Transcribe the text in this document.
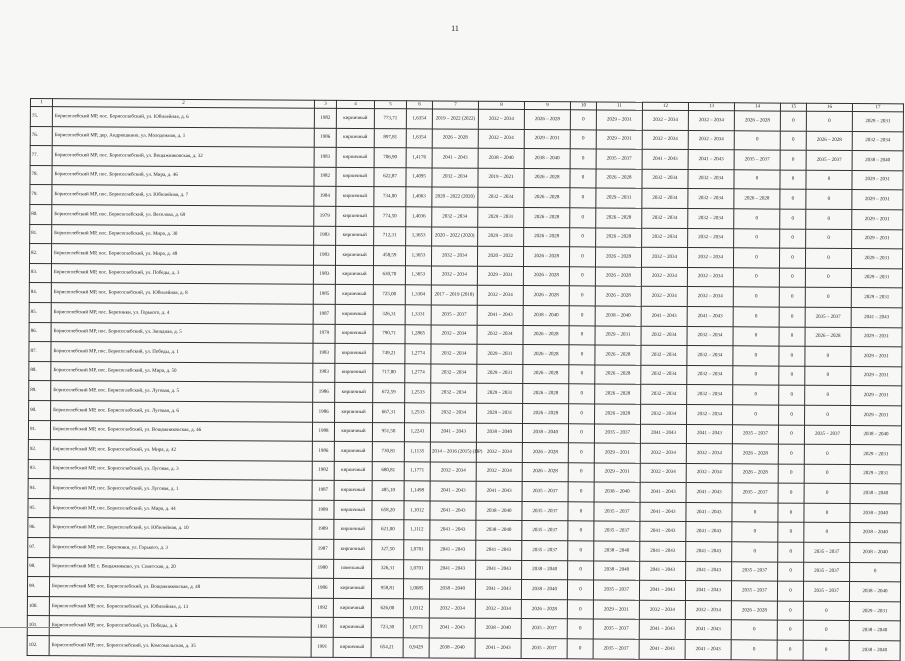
11
1	2	3	4	5	6	7	8	9	10	11	12	13	14	15	16	17
75.	Борисоглебский МР, пос. Борисоглебский, ул. Юбилейная, д. 6	1982	кирпичный	773,71	1,6354	2019 – 2022 (2022)	2032 – 2034	2026 – 2028	0	2029 – 2031	2032 – 2034	2032 – 2034	2026 – 2028	0	0	2029 – 2031
76.	Борисоглебский МР, дер. Андрюшкино, ул. Молодежная, д. 1	1986	кирпичный	897,81	1,6354	2026 – 2028	2032 – 2034	2029 – 2031	0	2029 – 2031	2032 – 2034	2032 – 2034	0	0	2026 – 2028	2032 – 2034
77.	Борисоглебский МР, пос. Борисоглебский, ул. Вощажниковская, д. 32	1983	кирпичный	706,90	1,4176	2041 – 2043	2038 – 2040	2038 – 2040	0	2035 – 2037	2041 – 2043	2041 – 2043	2035 – 2037	0	2035 – 2037	2038 – 2040
78.	Борисоглебский МР, пос. Борисоглебский, ул. Мира, д. 46	1982	кирпичный	622,87	1,4095	2032 – 2034	2019 – 2021	2026 – 2028	0	2026 – 2028	2032 – 2034	2032 – 2034	0	0	0	2029 – 2031
79.	Борисоглебский МР, пос. Борисоглебский, ул. Юбилейная, д. 7	1984	кирпичный	734,00	1,4063	2020 – 2022 (2020)	2032 – 2034	2026 – 2028	0	2029 – 2031	2032 – 2034	2032 – 2034	2026 – 2028	0	0	2029 – 2031
80.	Борисоглебский МР, пос. Борисоглебский, ул. Веселова, д. 69	1979	кирпичный	774,50	1,4036	2032 – 2034	2029 – 2031	2026 – 2028	0	2026 – 2028	2032 – 2034	2032 – 2034	0	0	0	2029 – 2031
81.	Борисоглебский МР, пос. Борисоглебский, ул. Мира, д. 30	1983	кирпичный	712,31	1,3653	2020 – 2022 (2020)	2029 – 2031	2026 – 2028	0	2026 – 2028	2032 – 2034	2032 – 2034	0	0	0	2029 – 2031
82.	Борисоглебский МР, пос. Борисоглебский, ул. Мира, д. 48	1983	кирпичный	458,59	1,3653	2032 – 2034	2020 – 2022	2026 – 2028	0	2026 – 2028	2032 – 2034	2032 – 2034	0	0	0	2029 – 2031
83.	Борисоглебский МР, пос. Борисоглебский, ул. Победы, д. 3	1983	кирпичный	630,70	1,3653	2032 – 2034	2029 – 2031	2026 – 2028	0	2026 – 2028	2032 – 2034	2032 – 2034	0	0	0	2029 – 2031
84.	Борисоглебский МР, пос. Борисоглебский, ул. Юбилейная, д. 8	1985	кирпичный	725,00	1,3304	2017 – 2019 (2018)	2032 – 2034	2026 – 2028	0	2026 – 2028	2032 – 2034	2032 – 2034	0	0	0	2029 – 2031
85.	Борисоглебский МР, пос. Березники, ул. Горького, д. 4	1987	кирпичный	326,31	1,3331	2035 – 2037	2041 – 2043	2038 – 2040	0	2038 – 2040	2041 – 2043	2041 – 2043	0	0	2035 – 2037	2041 – 2043
86.	Борисоглебский МР, пос. Борисоглебский, ул. Западная, д. 5	1979	кирпичный	790,71	1,2865	2032 – 2034	2032 – 2034	2026 – 2028	0	2029 – 2031	2032 – 2034	2032 – 2034	0	0	2026 – 2028	2029 – 2031
87.	Борисоглебский МР, пос. Борисоглебский, ул. Победы, д. 1	1983	кирпичный	749,21	1,2774	2032 – 2034	2029 – 2031	2026 – 2028	0	2026 – 2028	2032 – 2034	2032 – 2034	0	0	0	2029 – 2031
88.	Борисоглебский МР, пос. Борисоглебский, ул. Мира, д. 50	1983	кирпичный	717,80	1,2774	2032 – 2034	2029 – 2031	2026 – 2028	0	2026 – 2028	2032 – 2034	2032 – 2034	0	0	0	2029 – 2031
89.	Борисоглебский МР, пос. Борисоглебский, ул. Луговая, д. 5	1986	кирпичный	672,59	1,2533	2032 – 2034	2029 – 2031	2026 – 2028	0	2026 – 2028	2032 – 2034	2032 – 2034	0	0	0	2029 – 2031
90.	Борисоглебский МР, пос. Борисоглебский, ул. Луговая, д. 6	1986	кирпичный	667,31	1,2533	2032 – 2034	2029 – 2031	2026 – 2028	0	2026 – 2028	2032 – 2034	2032 – 2034	0	0	0	2029 – 2031
91.	Борисоглебский МР, пос. Борисоглебский, ул. Вощажниковская, д. 46	1988	кирпичный	951,50	1,2241	2041 – 2043	2038 – 2040	2038 – 2040	0	2035 – 2037	2041 – 2043	2041 – 2043	2035 – 2037	0	2035 – 2037	2038 – 2040
92.	Борисоглебский МР, пос. Борисоглебский, ул. Мира, д. 42	1986	кирпичный	730,81	1,1135	2014 – 2016 (2015) (ПР)	2032 – 2034	2026 – 2028	0	2029 – 2031	2032 – 2034	2032 – 2034	2026 – 2028	0	0	2029 – 2031
93.	Борисоглебский МР, пос. Борисоглебский, ул. Луговая, д. 3	1982	кирпичный	680,81	1,1771	2032 – 2034	2032 – 2034	2026 – 2028	0	2029 – 2031	2032 – 2034	2032 – 2034	2026 – 2028	0	0	2029 – 2031
94.	Борисоглебский МР, пос. Борисоглебский, ул. Луговая, д. 1	1987	кирпичный	485,10	1,1498	2041 – 2043	2041 – 2043	2035 – 2037	0	2038 – 2040	2041 – 2043	2041 – 2043	2035 – 2037	0	0	2038 – 2040
95.	Борисоглебский МР, пос. Борисоглебский, ул. Мира, д. 44	1989	кирпичный	658,20	1,1012	2041 – 2043	2038 – 2040	2035 – 2037	0	2035 – 2037	2041 – 2043	2041 – 2043	0	0	0	2038 – 2040
96.	Борисоглебский МР, пос. Борисоглебский, ул. Юбилейная, д. 10	1989	кирпичный	621,00	1,1112	2041 – 2043	2038 – 2040	2035 – 2037	0	2035 – 2037	2041 – 2043	2041 – 2043	0	0	0	2038 – 2040
97.	Борисоглебский МР, пос. Березники, ул. Горького, д. 3	1987	кирпичный	327,50	1,0701	2041 – 2043	2041 – 2043	2035 – 2037	0	2038 – 2040	2041 – 2043	2041 – 2043	0	0	2035 – 2037	2038 – 2040
98.	Борисоглебский МР, с. Вощажниково, ул. Советская, д. 20	1980	панельный	326,31	1,0701	2041 – 2043	2041 – 2043	2038 – 2040	0	2038 – 2040	2041 – 2043	2041 – 2043	2035 – 2037	0	2035 – 2037	0
99.	Борисоглебский МР, пос. Борисоглебский, ул. Вощажниковская, д. 48	1986	кирпичный	958,81	1,0685	2038 – 2040	2041 – 2043	2038 – 2040	0	2035 – 2037	2041 – 2043	2041 – 2043	2035 – 2037	0	2035 – 2037	2038 – 2040
100.	Борисоглебский МР, пос. Борисоглебский, ул. Юбилейная, д. 13	1992	кирпичный	626,00	1,0312	2032 – 2034	2032 – 2034	2026 – 2028	0	2029 – 2031	2032 – 2034	2032 – 2034	2026 – 2028	0	0	2029 – 2031
101.	Борисоглебский МР, пос. Борисоглебский, ул. Победы, д. 6	1991	кирпичный	723,30	1,0171	2041 – 2043	2038 – 2040	2035 – 2037	0	2035 – 2037	2041 – 2043	2041 – 2043	0	0	0	2038 – 2040
102.	Борисоглебский МР, пос. Борисоглебский, ул. Комсомольская, д. 35	1991	кирпичный	654,21	0,9429	2038 – 2040	2041 – 2043	2035 – 2037	0	2035 – 2037	2041 – 2043	2041 – 2043	0	0	0	2038 – 2040
